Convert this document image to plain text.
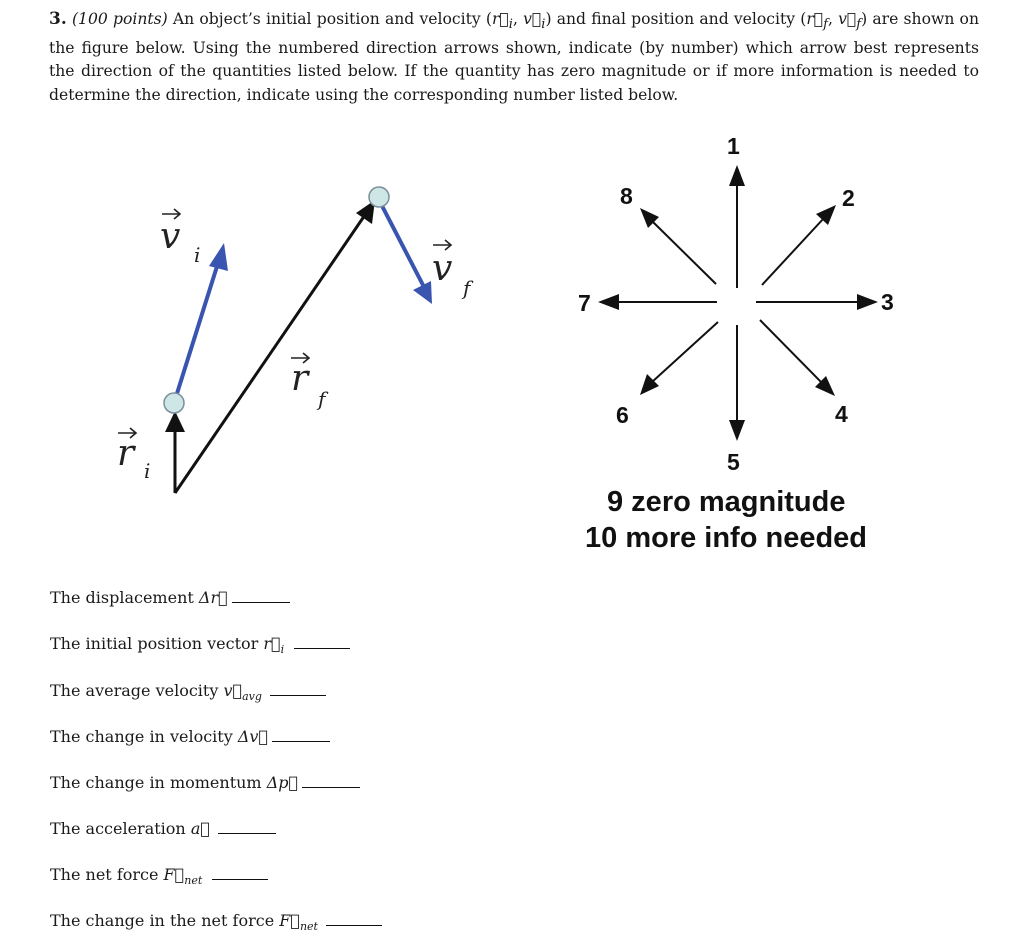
3. (100 points) An object’s initial position and velocity ($r⃗_i$, $v⃗_i$) and final position and velocity ($r⃗_f$, $v⃗_f$) are shown on the figure below. Using the numbered direction arrows shown, indicate (by number) which arrow best represents the direction of the quantities listed below. If the quantity has zero magnitude or if more information is needed to determine the direction, indicate using the corresponding number listed below.
v i	v f
r f
r i
1
2
3
4
5
6
7
8
9 zero magnitude
10 more info needed
The displacement Δr⃗
The initial position vector $r⃗_i$
The average velocity $v⃗_{avg}$
The change in velocity Δv⃗
The change in momentum Δp⃗
The acceleration a⃗
The net force $F⃗_{net}$
The change in the net force $F⃗_{net}$
